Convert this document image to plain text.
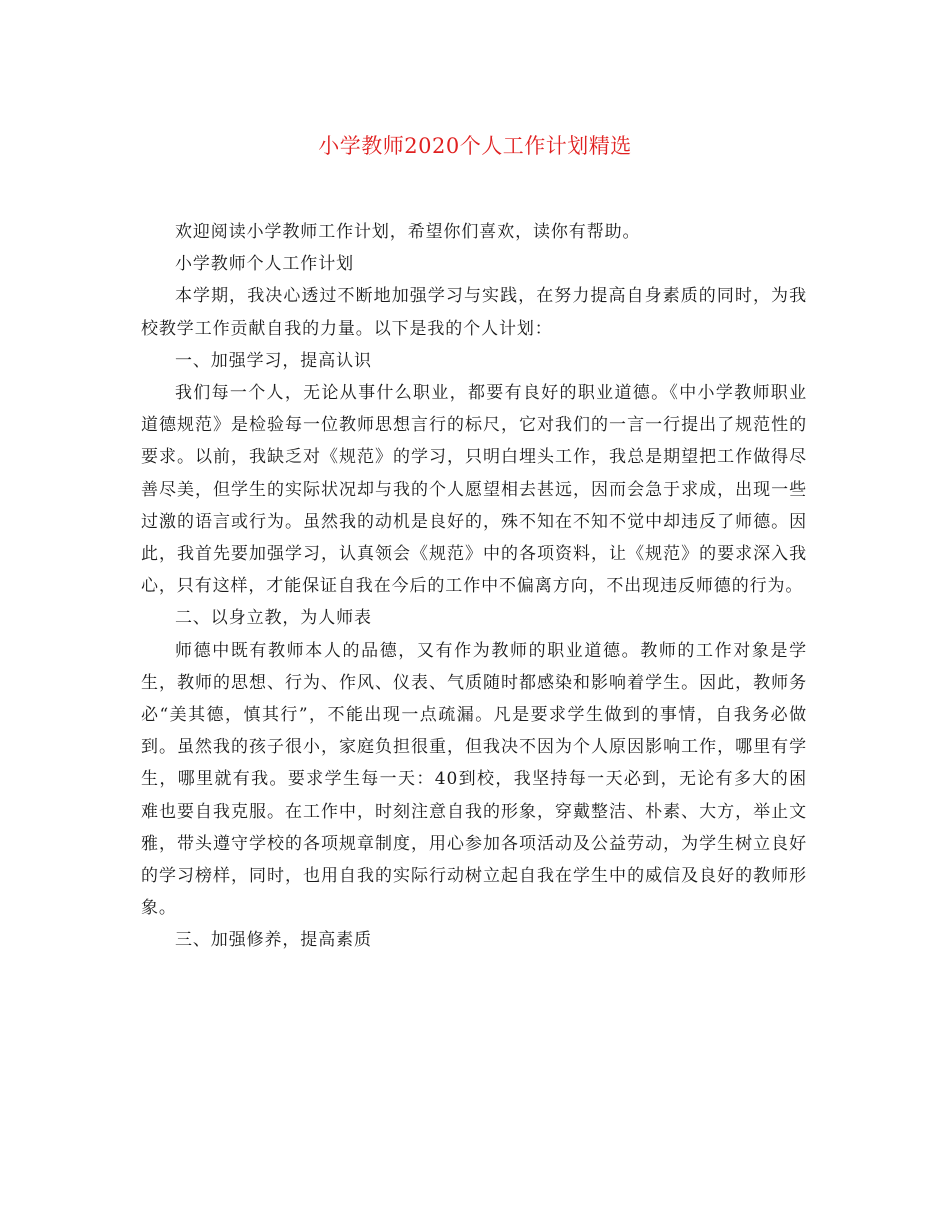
小学教师2020个人工作计划精选

欢迎阅读小学教师工作计划，希望你们喜欢，读你有帮助。

小学教师个人工作计划

本学期，我决心透过不断地加强学习与实践，在努力提高自身素质的同时，为我校教学工作贡献自我的力量。以下是我的个人计划：

一、加强学习，提高认识

我们每一个人，无论从事什么职业，都要有良好的职业道德。《中小学教师职业道德规范》是检验每一位教师思想言行的标尺，它对我们的一言一行提出了规范性的要求。以前，我缺乏对《规范》的学习，只明白埋头工作，我总是期望把工作做得尽善尽美，但学生的实际状况却与我的个人愿望相去甚远，因而会急于求成，出现一些过激的语言或行为。虽然我的动机是良好的，殊不知在不知不觉中却违反了师德。因此，我首先要加强学习，认真领会《规范》中的各项资料，让《规范》的要求深入我心，只有这样，才能保证自我在今后的工作中不偏离方向，不出现违反师德的行为。

二、以身立教，为人师表

师德中既有教师本人的品德，又有作为教师的职业道德。教师的工作对象是学生，教师的思想、行为、作风、仪表、气质随时都感染和影响着学生。因此，教师务必“美其德，慎其行”，不能出现一点疏漏。凡是要求学生做到的事情，自我务必做到。虽然我的孩子很小，家庭负担很重，但我决不因为个人原因影响工作，哪里有学生，哪里就有我。要求学生每一天：40到校，我坚持每一天必到，无论有多大的困难也要自我克服。在工作中，时刻注意自我的形象，穿戴整洁、朴素、大方，举止文雅，带头遵守学校的各项规章制度，用心参加各项活动及公益劳动，为学生树立良好的学习榜样，同时，也用自我的实际行动树立起自我在学生中的威信及良好的教师形象。

三、加强修养，提高素质
